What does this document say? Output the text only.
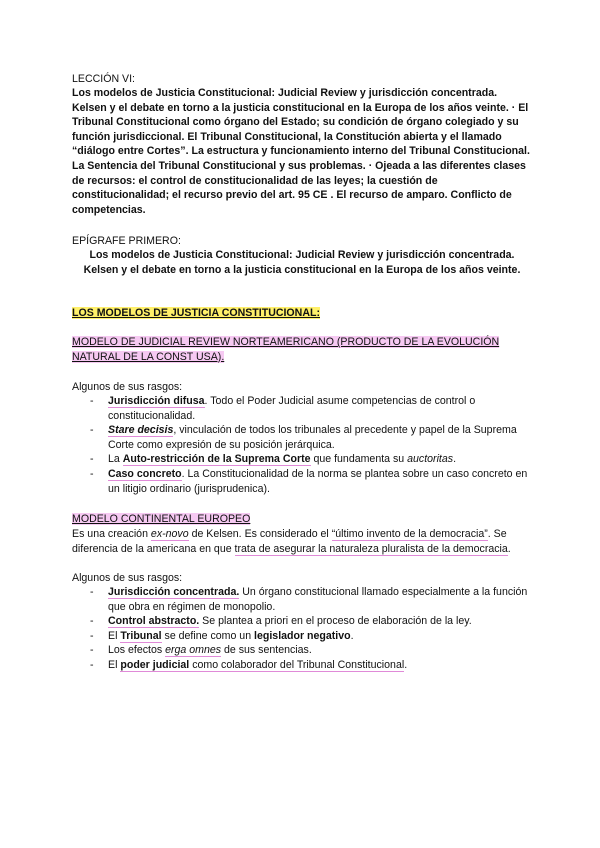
LECCIÓN VI:
Los modelos de Justicia Constitucional: Judicial Review y jurisdicción concentrada. Kelsen y el debate en torno a la justicia constitucional en la Europa de los años veinte. · El Tribunal Constitucional como órgano del Estado; su condición de órgano colegiado y su función jurisdiccional. El Tribunal Constitucional, la Constitución abierta y el llamado “diálogo entre Cortes”. La estructura y funcionamiento interno del Tribunal Constitucional. La Sentencia del Tribunal Constitucional y sus problemas. · Ojeada a las diferentes clases de recursos: el control de constitucionalidad de las leyes; la cuestión de constitucionalidad; el recurso previo del art. 95 CE . El recurso de amparo. Conflicto de competencias.
EPÍGRAFE PRIMERO:
Los modelos de Justicia Constitucional: Judicial Review y jurisdicción concentrada. Kelsen y el debate en torno a la justicia constitucional en la Europa de los años veinte.
LOS MODELOS DE JUSTICIA CONSTITUCIONAL:
MODELO DE JUDICIAL REVIEW NORTEAMERICANO (PRODUCTO DE LA EVOLUCIÓN NATURAL DE LA CONST USA).
Algunos de sus rasgos:
- Jurisdicción difusa. Todo el Poder Judicial asume competencias de control o constitucionalidad.
- Stare decisis, vinculación de todos los tribunales al precedente y papel de la Suprema Corte como expresión de su posición jerárquica.
- La Auto-restricción de la Suprema Corte que fundamenta su auctoritas.
- Caso concreto. La Constitucionalidad de la norma se plantea sobre un caso concreto en un litigio ordinario (jurisprudenica).
MODELO CONTINENTAL EUROPEO
Es una creación ex-novo de Kelsen. Es considerado el “último invento de la democracia”. Se diferencia de la americana en que trata de asegurar la naturaleza pluralista de la democracia.
Algunos de sus rasgos:
- Jurisdicción concentrada. Un órgano constitucional llamado especialmente a la función que obra en régimen de monopolio.
- Control abstracto. Se plantea a priori en el proceso de elaboración de la ley.
- El Tribunal se define como un legislador negativo.
- Los efectos erga omnes de sus sentencias.
- El poder judicial como colaborador del Tribunal Constitucional.
